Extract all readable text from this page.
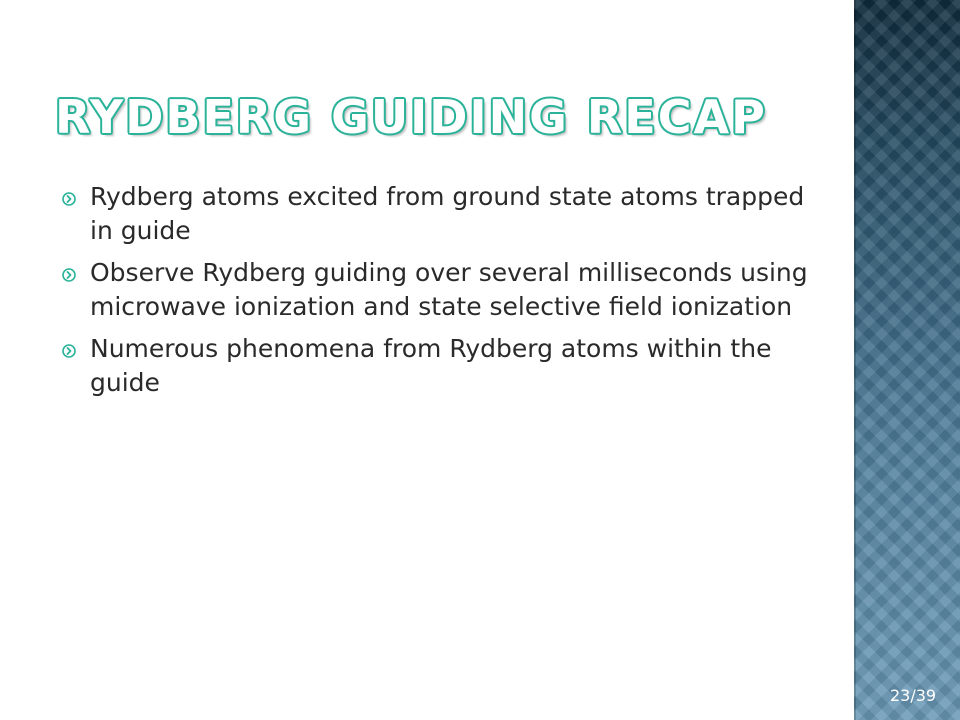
RYDBERG GUIDING RECAP
Rydberg atoms excited from ground state atoms trapped in guide
Observe Rydberg guiding over several milliseconds using microwave ionization and state selective field ionization
Numerous phenomena from Rydberg atoms within the guide
23/39
